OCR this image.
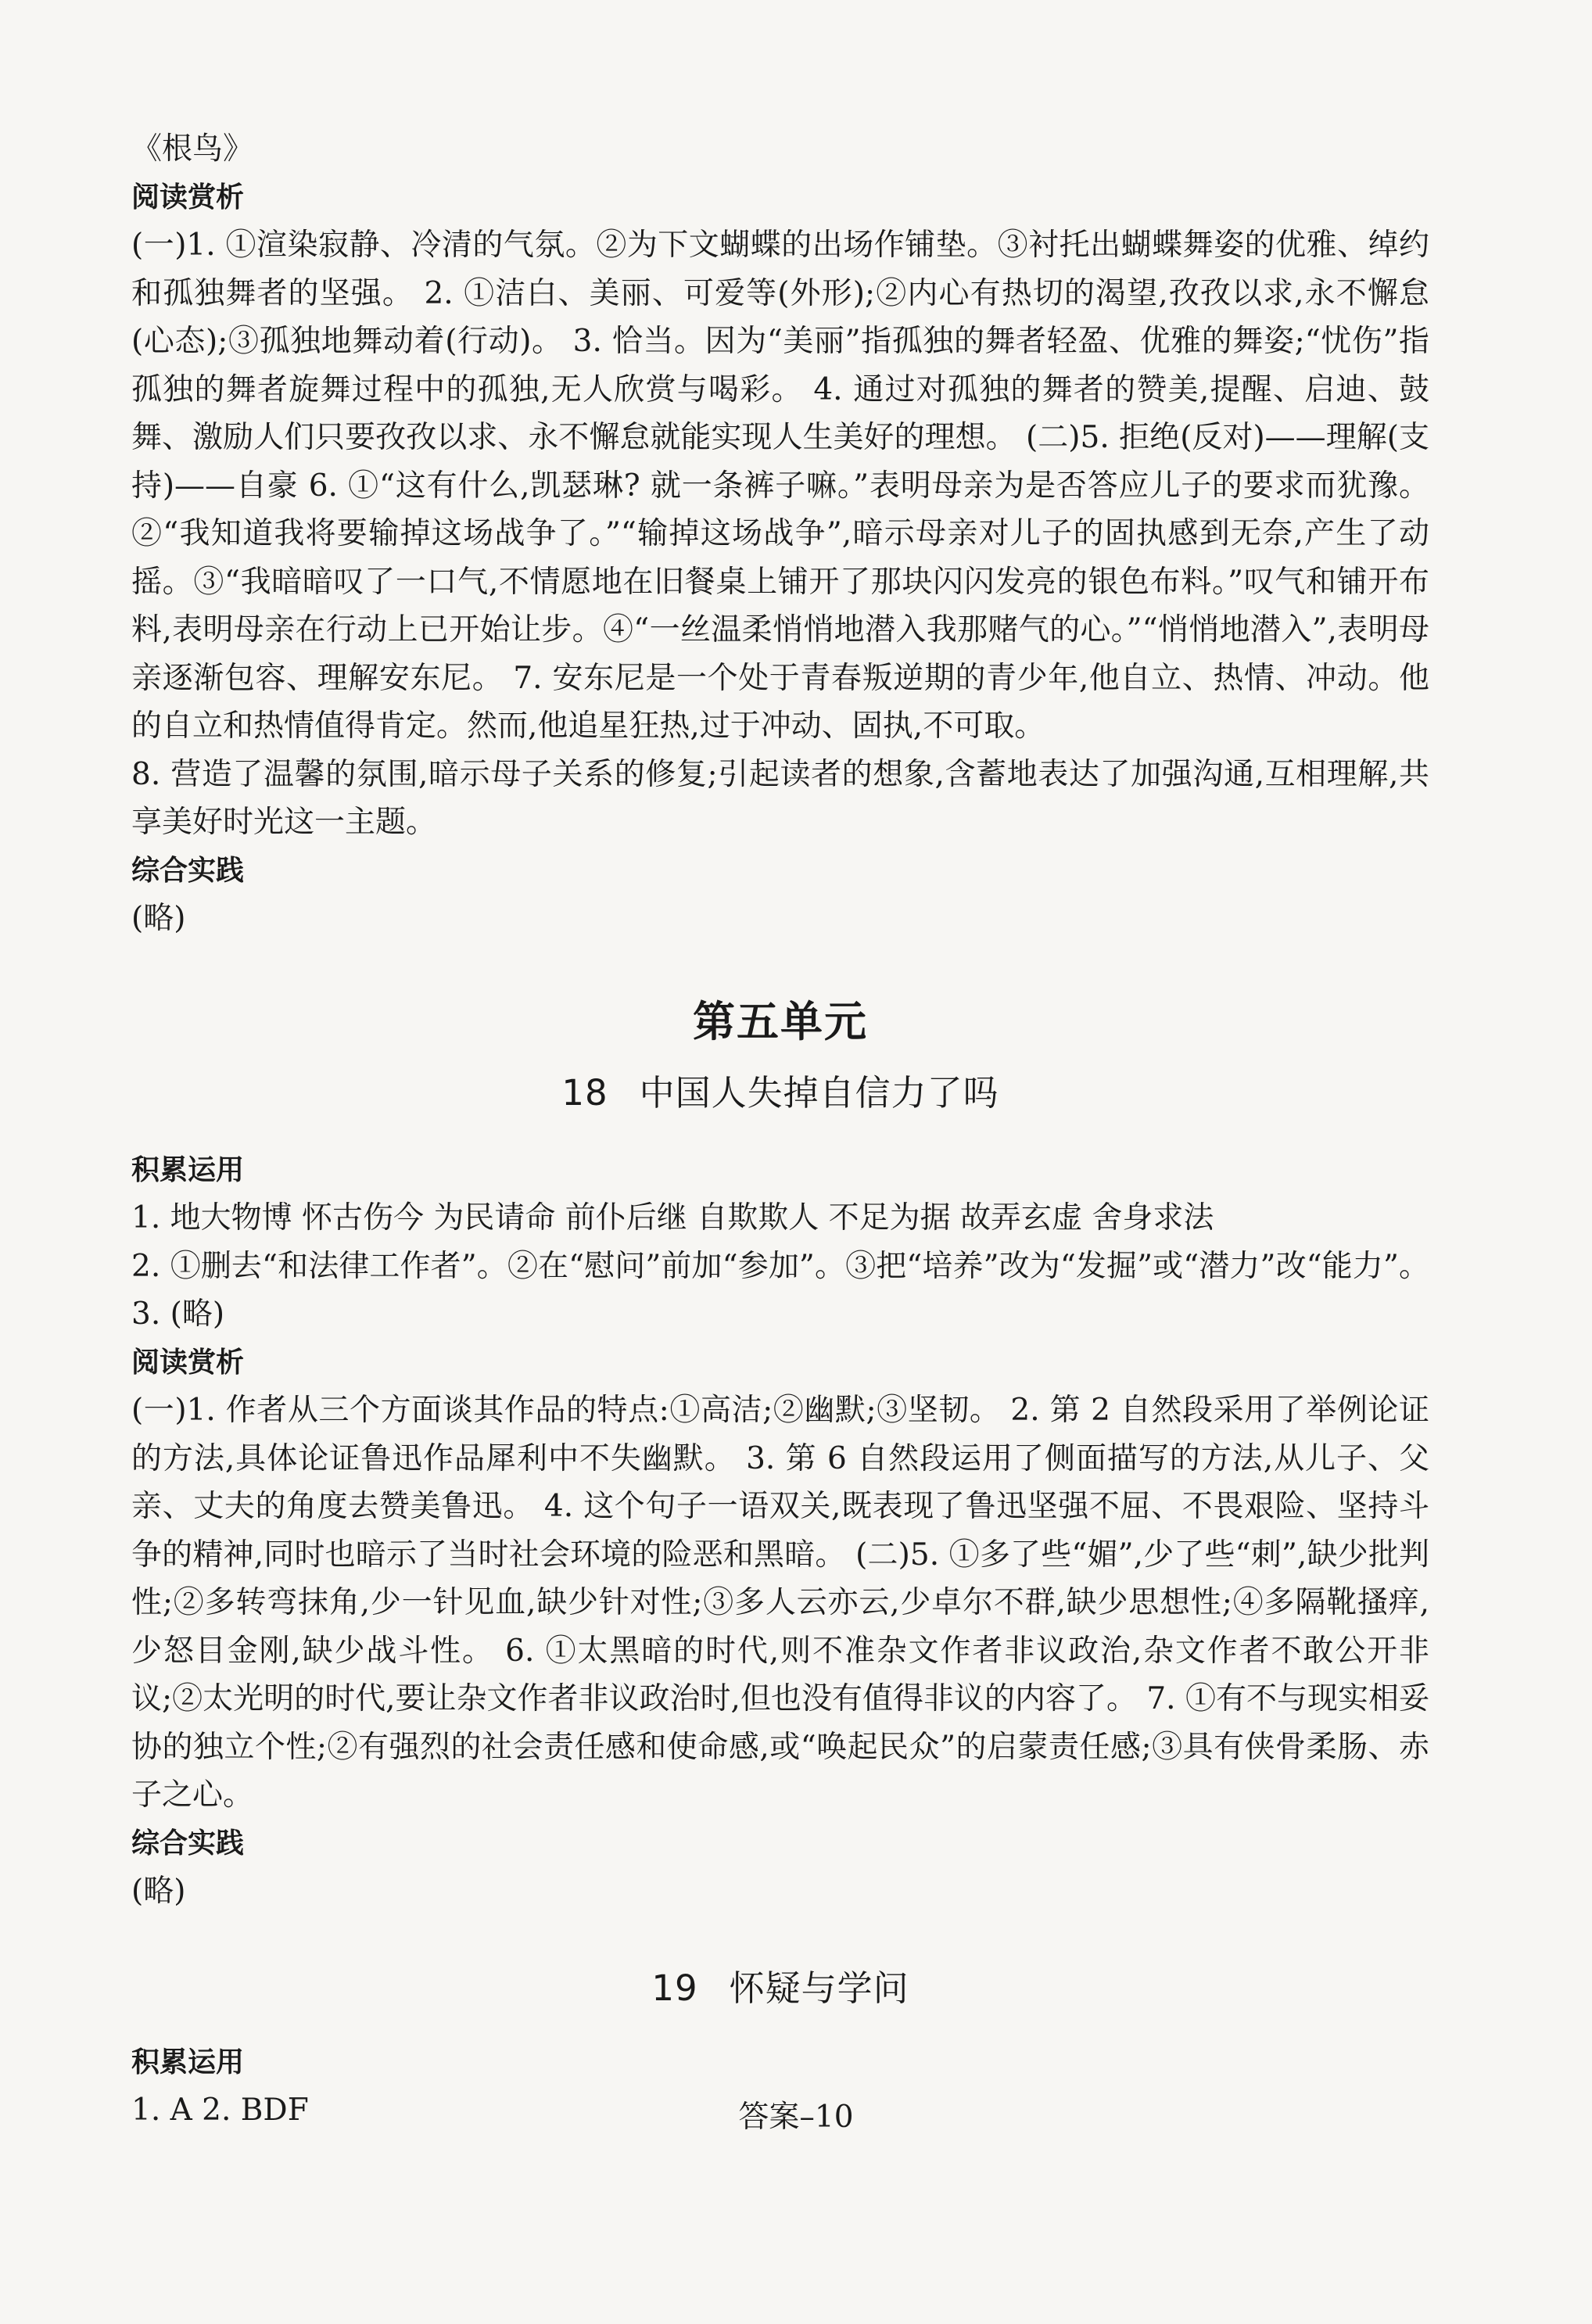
《根鸟》

阅读赏析

(一)1. ①渲染寂静、冷清的气氛。②为下文蝴蝶的出场作铺垫。③衬托出蝴蝶舞姿的优雅、绰约和孤独舞者的坚强。 2. ①洁白、美丽、可爱等(外形);②内心有热切的渴望,孜孜以求,永不懈怠(心态);③孤独地舞动着(行动)。 3. 恰当。因为“美丽”指孤独的舞者轻盈、优雅的舞姿;“忧伤”指孤独的舞者旋舞过程中的孤独,无人欣赏与喝彩。 4. 通过对孤独的舞者的赞美,提醒、启迪、鼓舞、激励人们只要孜孜以求、永不懈怠就能实现人生美好的理想。 (二)5. 拒绝(反对)——理解(支持)——自豪 6. ①“这有什么,凯瑟琳? 就一条裤子嘛。”表明母亲为是否答应儿子的要求而犹豫。②“我知道我将要输掉这场战争了。”“输掉这场战争”,暗示母亲对儿子的固执感到无奈,产生了动摇。③“我暗暗叹了一口气,不情愿地在旧餐桌上铺开了那块闪闪发亮的银色布料。”叹气和铺开布料,表明母亲在行动上已开始让步。④“一丝温柔悄悄地潜入我那赌气的心。”“悄悄地潜入”,表明母亲逐渐包容、理解安东尼。 7. 安东尼是一个处于青春叛逆期的青少年,他自立、热情、冲动。他的自立和热情值得肯定。然而,他追星狂热,过于冲动、固执,不可取。

8. 营造了温馨的氛围,暗示母子关系的修复;引起读者的想象,含蓄地表达了加强沟通,互相理解,共享美好时光这一主题。

综合实践

(略)

第五单元
18 中国人失掉自信力了吗

积累运用

1. 地大物博 怀古伤今 为民请命 前仆后继 自欺欺人 不足为据 故弄玄虚 舍身求法

2. ①删去“和法律工作者”。②在“慰问”前加“参加”。③把“培养”改为“发掘”或“潜力”改“能力”。 3. (略)

阅读赏析

(一)1. 作者从三个方面谈其作品的特点:①高洁;②幽默;③坚韧。 2. 第 2 自然段采用了举例论证的方法,具体论证鲁迅作品犀利中不失幽默。 3. 第 6 自然段运用了侧面描写的方法,从儿子、父亲、丈夫的角度去赞美鲁迅。 4. 这个句子一语双关,既表现了鲁迅坚强不屈、不畏艰险、坚持斗争的精神,同时也暗示了当时社会环境的险恶和黑暗。 (二)5. ①多了些“媚”,少了些“刺”,缺少批判性;②多转弯抹角,少一针见血,缺少针对性;③多人云亦云,少卓尔不群,缺少思想性;④多隔靴搔痒,少怒目金刚,缺少战斗性。 6. ①太黑暗的时代,则不准杂文作者非议政治,杂文作者不敢公开非议;②太光明的时代,要让杂文作者非议政治时,但也没有值得非议的内容了。 7. ①有不与现实相妥协的独立个性;②有强烈的社会责任感和使命感,或“唤起民众”的启蒙责任感;③具有侠骨柔肠、赤子之心。

综合实践

(略)

19 怀疑与学问

积累运用

1. A 2. BDF	答案–10
